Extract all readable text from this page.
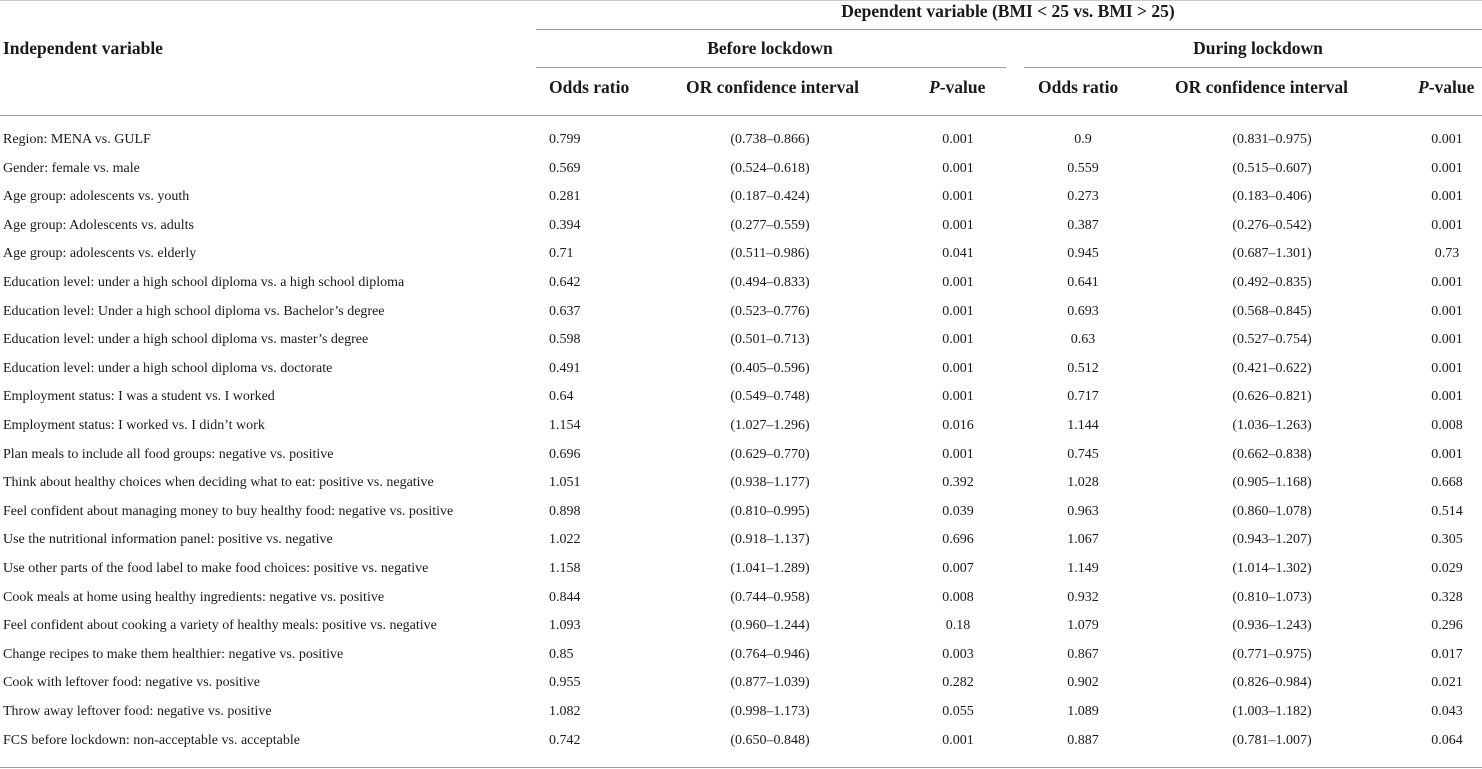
Dependent variable (BMI < 25 vs. BMI > 25)
Independent variable	Before lockdown	During lockdown
Odds ratio	OR confidence interval	P-value	Odds ratio	OR confidence interval	P-value
Region: MENA vs. GULF	0.799	(0.738–0.866)	0.001	0.9	(0.831–0.975)	0.001
Gender: female vs. male	0.569	(0.524–0.618)	0.001	0.559	(0.515–0.607)	0.001
Age group: adolescents vs. youth	0.281	(0.187–0.424)	0.001	0.273	(0.183–0.406)	0.001
Age group: Adolescents vs. adults	0.394	(0.277–0.559)	0.001	0.387	(0.276–0.542)	0.001
Age group: adolescents vs. elderly	0.71	(0.511–0.986)	0.041	0.945	(0.687–1.301)	0.73
Education level: under a high school diploma vs. a high school diploma	0.642	(0.494–0.833)	0.001	0.641	(0.492–0.835)	0.001
Education level: Under a high school diploma vs. Bachelor’s degree	0.637	(0.523–0.776)	0.001	0.693	(0.568–0.845)	0.001
Education level: under a high school diploma vs. master’s degree	0.598	(0.501–0.713)	0.001	0.63	(0.527–0.754)	0.001
Education level: under a high school diploma vs. doctorate	0.491	(0.405–0.596)	0.001	0.512	(0.421–0.622)	0.001
Employment status: I was a student vs. I worked	0.64	(0.549–0.748)	0.001	0.717	(0.626–0.821)	0.001
Employment status: I worked vs. I didn’t work	1.154	(1.027–1.296)	0.016	1.144	(1.036–1.263)	0.008
Plan meals to include all food groups: negative vs. positive	0.696	(0.629–0.770)	0.001	0.745	(0.662–0.838)	0.001
Think about healthy choices when deciding what to eat: positive vs. negative	1.051	(0.938–1.177)	0.392	1.028	(0.905–1.168)	0.668
Feel confident about managing money to buy healthy food: negative vs. positive	0.898	(0.810–0.995)	0.039	0.963	(0.860–1.078)	0.514
Use the nutritional information panel: positive vs. negative	1.022	(0.918–1.137)	0.696	1.067	(0.943–1.207)	0.305
Use other parts of the food label to make food choices: positive vs. negative	1.158	(1.041–1.289)	0.007	1.149	(1.014–1.302)	0.029
Cook meals at home using healthy ingredients: negative vs. positive	0.844	(0.744–0.958)	0.008	0.932	(0.810–1.073)	0.328
Feel confident about cooking a variety of healthy meals: positive vs. negative	1.093	(0.960–1.244)	0.18	1.079	(0.936–1.243)	0.296
Change recipes to make them healthier: negative vs. positive	0.85	(0.764–0.946)	0.003	0.867	(0.771–0.975)	0.017
Cook with leftover food: negative vs. positive	0.955	(0.877–1.039)	0.282	0.902	(0.826–0.984)	0.021
Throw away leftover food: negative vs. positive	1.082	(0.998–1.173)	0.055	1.089	(1.003–1.182)	0.043
FCS before lockdown: non-acceptable vs. acceptable	0.742	(0.650–0.848)	0.001	0.887	(0.781–1.007)	0.064
